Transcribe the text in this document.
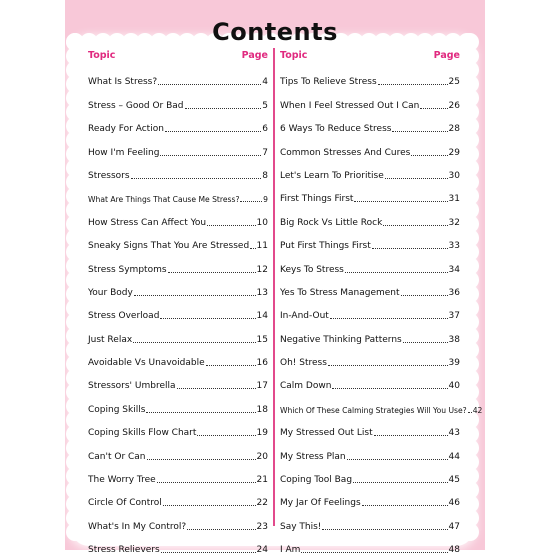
Contents
Topic	Page
What Is Stress?	4
Stress – Good Or Bad	5
Ready For Action	6
How I'm Feeling	7
Stressors	8
What Are Things That Cause Me Stress?	9
How Stress Can Affect You	10
Sneaky Signs That You Are Stressed 11
Stress Symptoms	12
Your Body	13
Stress Overload	14
Just Relax	15
Avoidable Vs Unavoidable	16
Stressors' Umbrella	17
Coping Skills	18
Coping Skills Flow Chart	19
Can't Or Can	20
The Worry Tree	21
Circle Of Control	22
What's In My Control?	23
Stress Relievers	24
Topic	Page
Tips To Relieve Stress	25
When I Feel Stressed Out I Can	26
6 Ways To Reduce Stress	28
Common Stresses And Cures	29
Let's Learn To Prioritise	30
First Things First	31
Big Rock Vs Little Rock	32
Put First Things First	33
Keys To Stress	34
Yes To Stress Management	36
In-And-Out	37
Negative Thinking Patterns	38
Oh! Stress	39
Calm Down	40
Which Of These Calming Strategies Will You Use? 42
My Stressed Out List	43
My Stress Plan	44
Coping Tool Bag	45
My Jar Of Feelings	46
Say This!	47
I Am	48
